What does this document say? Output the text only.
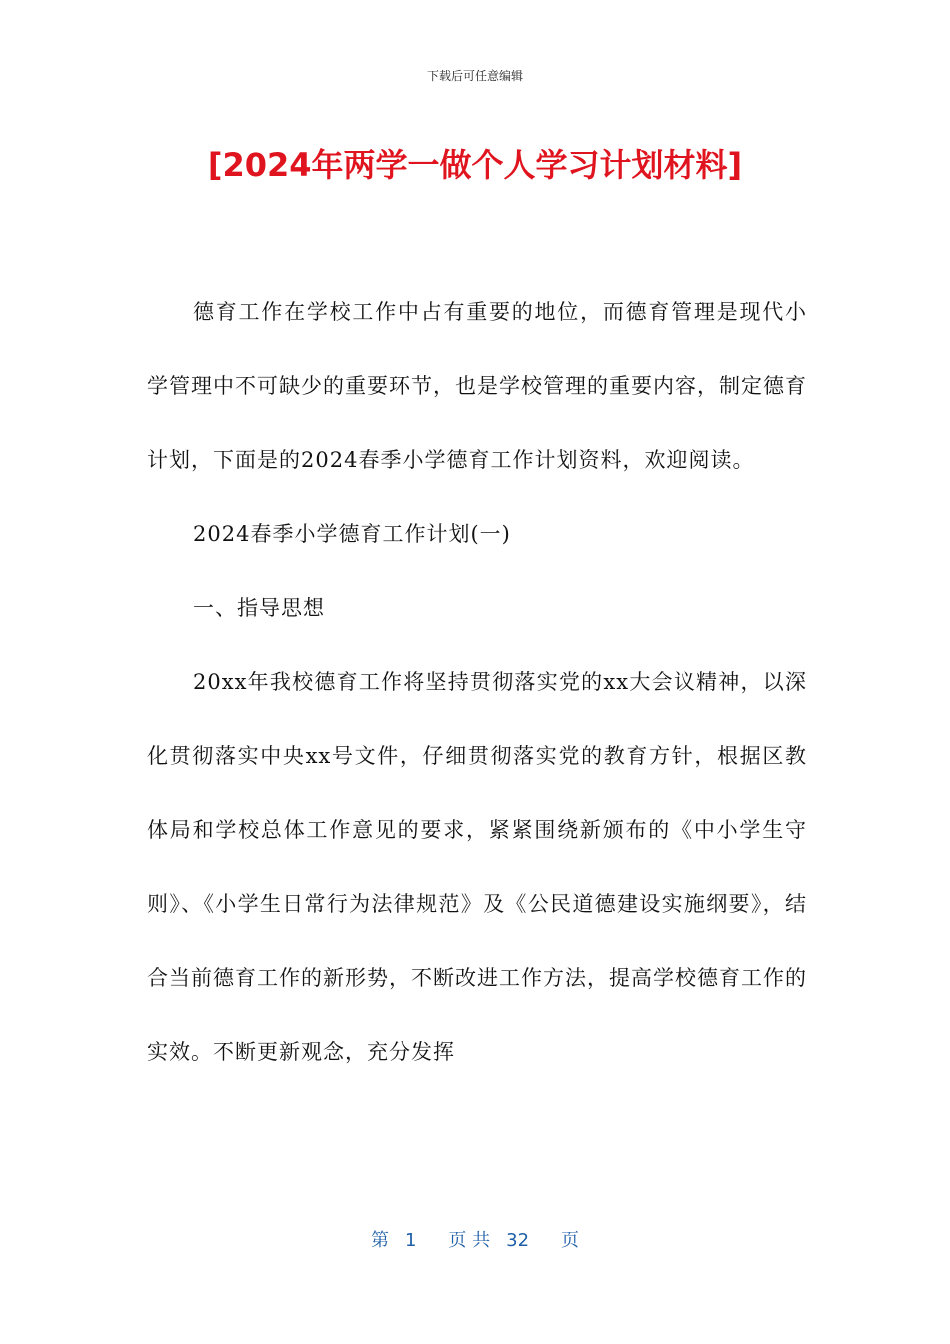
下载后可任意编辑
[2024年两学一做个人学习计划材料]

德育工作在学校工作中占有重要的地位，而德育管理是现代小学管理中不可缺少的重要环节，也是学校管理的重要内容，制定德育计划，下面是的2024春季小学德育工作计划资料，欢迎阅读。

2024春季小学德育工作计划(一)

一、指导思想

20xx年我校德育工作将坚持贯彻落实党的xx大会议精神，以深化贯彻落实中央xx号文件，仔细贯彻落实党的教育方针，根据区教体局和学校总体工作意见的要求，紧紧围绕新颁布的《中小学生守则》、《小学生日常行为法律规范》及《公民道德建设实施纲要》，结合当前德育工作的新形势，不断改进工作方法，提高学校德育工作的实效。不断更新观念，充分发挥

第 1 页 共 32 页
